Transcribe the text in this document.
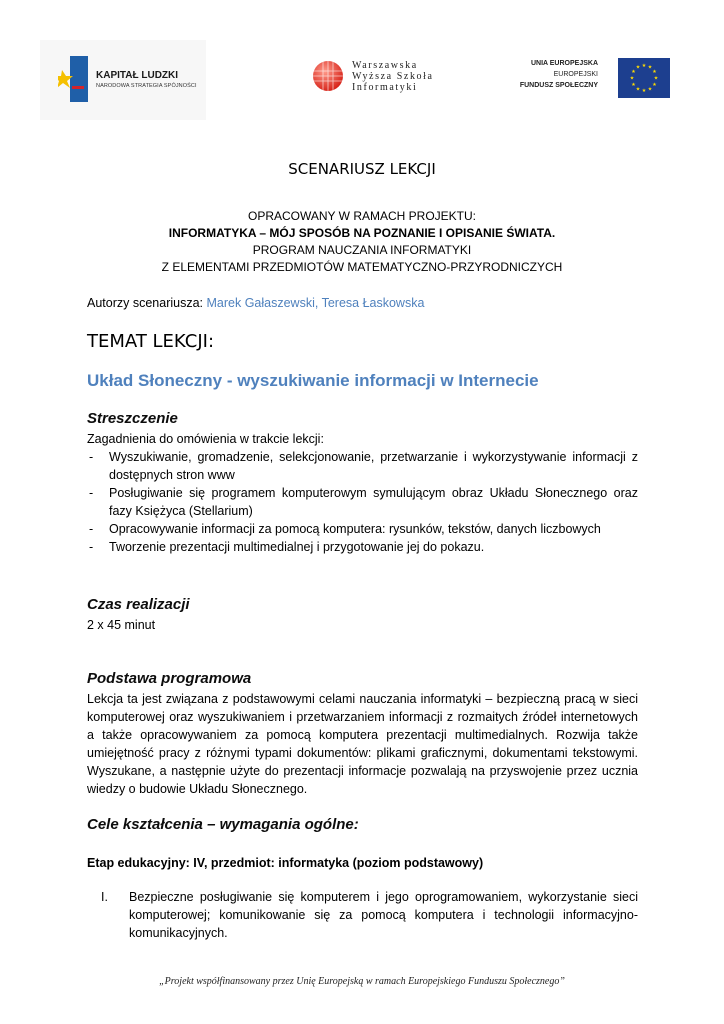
KAPITAŁ LUDZKI
NARODOWA STRATEGIA SPÓJNOŚCI
Warszawska
Wyższa Szkoła
Informatyki
UNIA EUROPEJSKA
EUROPEJSKI
FUNDUSZ SPOŁECZNY
★ ★
★
★
★
★
★
★
★
★
★
★
SCENARIUSZ LEKCJI
OPRACOWANY W RAMACH PROJEKTU:
INFORMATYKA – MÓJ SPOSÓB NA POZNANIE I OPISANIE ŚWIATA.
PROGRAM NAUCZANIA INFORMATYKI
Z ELEMENTAMI PRZEDMIOTÓW MATEMATYCZNO-PRZYRODNICZYCH
Autorzy scenariusza: Marek Gałaszewski, Teresa Łaskowska
TEMAT LEKCJI:
Układ Słoneczny - wyszukiwanie informacji w Internecie
Streszczenie
Zagadnienia do omówienia w trakcie lekcji:
- Wyszukiwanie, gromadzenie, selekcjonowanie, przetwarzanie i wykorzystywanie informacji z dostępnych stron www
- Posługiwanie się programem komputerowym symulującym obraz Układu Słonecznego oraz fazy Księżyca (Stellarium)
- Opracowywanie informacji za pomocą komputera: rysunków, tekstów, danych liczbowych
- Tworzenie prezentacji multimedialnej i przygotowanie jej do pokazu.
Czas realizacji
2 x 45 minut
Podstawa programowa
Lekcja ta jest związana z podstawowymi celami nauczania informatyki – bezpieczną pracą w sieci komputerowej oraz wyszukiwaniem i przetwarzaniem informacji z rozmaitych źródeł internetowych a także opracowywaniem za pomocą komputera prezentacji multimedialnych. Rozwija także umiejętność pracy z różnymi typami dokumentów: plikami graficznymi, dokumentami tekstowymi. Wyszukane, a następnie użyte do prezentacji informacje pozwalają na przyswojenie przez ucznia wiedzy o budowie Układu Słonecznego.
Cele kształcenia – wymagania ogólne:
Etap edukacyjny: IV, przedmiot: informatyka (poziom podstawowy)
I. Bezpieczne posługiwanie się komputerem i jego oprogramowaniem, wykorzystanie sieci komputerowej; komunikowanie się za pomocą komputera i technologii informacyjno-komunikacyjnych.
„Projekt współfinansowany przez Unię Europejską w ramach Europejskiego Funduszu Społecznego”
